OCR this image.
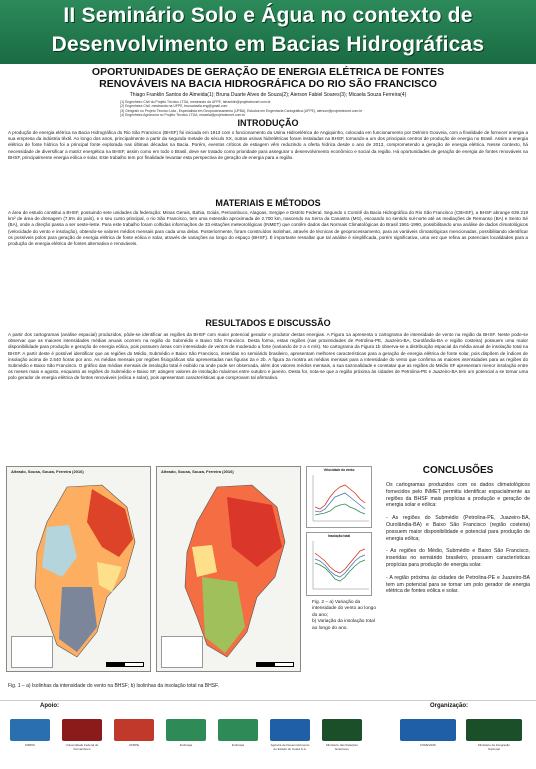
II Seminário Solo e Água no contexto de
Desenvolvimento em Bacias Hidrográficas
OPORTUNIDADES DE GERAÇÃO DE ENERGIA ELÉTRICA DE FONTES
RENOVÁVEIS NA BACIA HIDROGRÁFICA DO RIO SÃO FRANCISCO
Thiago Franklin Santos de Almeida(1); Bruna Duarte Alves de Souza(2); Aierson Fabiel Soares(3); Micaela Souza Ferreira(4)
(1) Engenheiro Civil do Projeto Técnico LTDA, mestrando da UFPE, tsfranklin@projetotecnet.com.br
(2) Engenheira Civil, mestranda na UFPE, brunadavila.eng@gmail.com
(3) Geógrafo no Projeto Técnico Ltda., Especialista em Geoprocessamento (UFBA), Estudos em Engenharia Cartográfica (UFPE), aierson@projetotecnet.com.br
(4) Engenheira Agrônoma no Projeto Técnico LTDA, micaela@projetotecnet.com.br
INTRODUÇÃO
A produção de energia elétrica na Bacia Hidrográfica do Rio São Francisco (BHSF) foi iniciada em 1913 com o funcionamento da Usina Hidroelétrica de Angiquinho, colocada em funcionamento por Delmiro Gouveia, com a finalidade de fornecer energia a sua empresa da indústria têxtil. Ao longo dos anos, principalmente a partir da segunda metade do século XX, outras usinas hidrelétricas foram instaladas na BHSF, tornando-a um dos principais centros de produção de energia no Brasil. Assim a energia elétrica de fonte hídrica foi a principal fonte explorada nas últimas décadas na Bacia. Porém, eventos críticos de estiagem vêm reduzindo a oferta hídrica desde o ano de 2013, comprometendo a geração de energia elétrica. Nesse contexto, há necessidade de diversificar a matriz energética na BHSF, assim como em todo o Brasil, deve ser tratado como prioridade para assegurar o desenvolvimento econômico e social da região. Há oportunidades de geração de energia de fontes renováveis na BHSF, principalmente energia eólica e solar. Este trabalho tem por finalidade levantar esta perspectiva de geração de energia para a região.
MATERIAIS E MÉTODOS
A área de estudo constitui a BHSF, possuindo sete unidades da federação: Minas Gerais, Bahia, Goiás, Pernambuco, Alagoas, Sergipe e Distrito Federal. Segundo o Comitê da Bacia Hidrográfica do Rio São Francisco (CBHSF), a BHSF abrange 639.219 km² de área de drenagem (7,5% do país), e o seu curso principal, o rio São Francisco, tem uma extensão aproximada de 2.700 km, nascendo na Serra da Canastra (MG), escoando no sentido sul-norte até as mediações de Remanso (BA) e Sento Sé (BA), onde a direção passa a ser oeste-leste. Para este trabalho foram colhidas informações de 33 estações meteorológicas (INMET) que contêm dados das Normais Climatológicas do Brasil 1961-1990, possibilitando uma análise de dados climatológicos (velocidade do vento e insolação), obtendo-se valores médios mensais para cada uma delas. Posteriormente, foram construídos isolinhas, através de técnicas de geoprocessamento, para as variáveis climatológicas mencionadas, possibilitando identificar os possíveis polos para geração de energia elétrica de fonte eólica e solar, através de variações ao longo do espaço (BHSF). É importante ressaltar que tal análise é simplificada, porém significativa, uma vez que refina as potenciais localidades para a produção de energia elétrica de fontes alternativa e renováveis.
RESULTADOS E DISCUSSÃO
A partir dos cartogramas (análise espacial) produzidos, pôde-se identificar as regiões da BHSF com maior potencial gerador e produtor destas energias. A Figura 1a apresenta o cartograma de intensidade de vento na região da BHSF. Neste pode-se observar que as maiores intensidades médias anuais ocorrem na região do Submédio e Baixo São Francisco. Desta forma, estas regiões (nas proximidades de Petrolina-PE, Juazeiro-BA, Ourolândia-BA e região costeira) possuem uma maior disponibilidade para produção e geração de energia eólica, pois possuem áreas com intensidade de ventos de moderado a forte (variando de 2 a 4 m/s). No cartograma da Figura 1b observa-se a distribuição espacial da média anual de insolação total na BHSF. A partir deste é possível identificar que as regiões do Médio, Submédio e Baixo São Francisco, inseridas no semiárido brasileiro, apresentam melhores características para a geração de energia elétrica de fonte solar, pois dispõem de índices de insolação acima de 2.540 horas por ano. As médias mensais por regiões fisiográficas são apresentadas nas figuras 2a e 2b. A figura 2a mostra as médias mensais para a intensidade do vento que confirma as maiores intensidades para as regiões do Submédio e Baixo São Francisco. O gráfico das médias mensais de insolação total é exibido na onde pode ser observada, além dos valores médios mensais, a sua sazonalidade e constatar que as regiões do Médio SF apresentam menor insolação entre os meses maio e agosto, enquanto as regiões do Submédio e Baixo SF, atingem valores de insolação máximos entre outubro e janeiro. Desta for, nota-se que a região próxima às cidades de Petrolina-PE e Juazeiro-BA tem um potencial a se tornar uma polo gerador de energia elétrica de fontes renováveis (eólica e solar), pois apresentam características que comprovam tal afirmativa.
Alteado, Sousa, Souza, Ferreira (2016)	Alteado, Sousa, Souza, Ferreira (2016)	Velocidade do vento
Insolação total
Fig. 2 – a) Variação da intensidade do vento ao longo do ano;
b) Variação da insolação total ao longo do ano.
CONCLUSÕES
Os cartogramas produzidos com os dados climatológicos fornecidos pelo INMET permitiu identificar espacialmente as regiões da BHSF mais propícias a produção e geração de energia solar e eólica:
- As regiões do Submédio (Petrolina-PE, Juazeiro-BA, Ourolândia-BA) e Baixo São Francisco (região costeira) possuem maior disponibilidade e potencial para produção de energia eólica;
- As regiões do Médio, Submédio e Baixo São Francisco, inseridas no semiárido brasileiro, possuem características propícias para produção de energia solar.
- A região próxima às cidades de Petrolina-PE e Juazeiro-BA tem um potencial para se tornar um polo gerador de energia elétrica de fontes eólica e solar.
Fig. 1 – a) Isolinhas da intensidade do vento na BHSF; b) Isolinhas da insolação total na BHSF.
Apoio:	Organização:
SIMPAI	Universidade Federal de Pernambuco
UFRPE	Embrapa	Embrapa	Agência de Desenvolvimento do Estado do Ceará S.A.
Ministério das Relações Exteriores
CODEVASF	Ministério da Integração Nacional
